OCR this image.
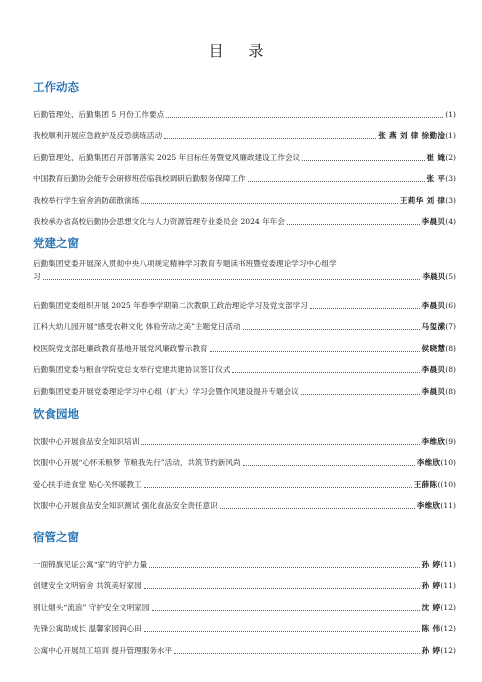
目 录
工作动态
后勤管理处、后勤集团 5 月份工作要点	(1)
我校顺利开展应急救护及反恐演练活动	张 燕 刘 律 徐勤淦 (1)
后勤管理处、后勤集团召开部署落实 2025 年目标任务暨党风廉政建设工作会议	崔 㛪 (2)
中国教育后勤协会能专会研修班莅临我校调研后勤服务保障工作	张 平 (3)
我校举行学生宿舍消防疏散演练	王莉华 刘 律 (3)
我校承办省高校后勤协会思想文化与人力资源管理专业委员会 2024 年年会	李晨贝 (4)
党建之窗
后勤集团党委开展深入贯彻中央八项规定精神学习教育专题读书班暨党委理论学习中心组学
习	李晨贝 (5)
后勤集团党委组织开展 2025 年春季学期第二次教职工政治理论学习及党支部学习	李晨贝 (6)
江科大幼儿园开展“感受农耕文化 体验劳动之美”主题党日活动	马玺潆 (7)
校医院党支部赴廉政教育基地开展党风廉政警示教育	侯晓慧 (8)
后勤集团党委与粮食学院党总支举行党建共建协议签订仪式	李晨贝 (8)
后勤集团党委开展党委理论学习中心组（扩大）学习会暨作风建设提升专题会议	李晨贝 (8)
饮食园地
饮服中心开展食品安全知识培训	李维欣 (9)
饮服中心开展“心怀禾粮梦 节粮我先行”活动，共筑节约新风尚	李维欣 (10)
爱心扶手进食堂 贴心关怀暖教工	王薛陈 ((10)
饮服中心开展食品安全知识测试 强化食品安全责任意识	李维欣 (11)
宿管之窗
一面锦旗见证公寓“家”的守护力量	孙 婷 (11)
创建安全文明宿舍 共筑美好家园	孙 婷 (11)
别让烟头“流浪” 守护安全文明家园	沈 婷 (12)
先锋公寓助成长 温馨家园润心田	陈 伟 (12)
公寓中心开展员工培训 提升管理服务水平	孙 婷 (12)
